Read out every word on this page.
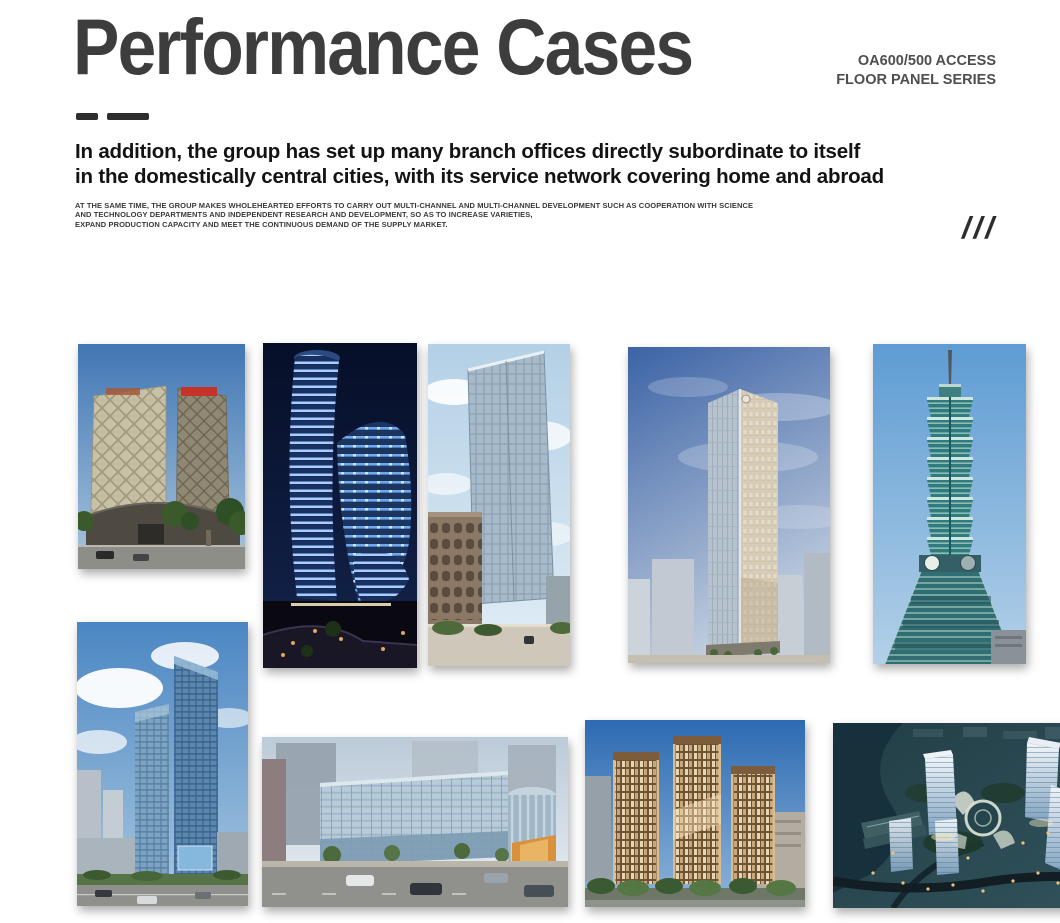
Performance Cases	OA600/500 ACCESS
FLOOR PANEL SERIES
In addition, the group has set up many branch offices directly subordinate to itself
in the domestically central cities, with its service network covering home and abroad
AT THE SAME TIME, THE GROUP MAKES WHOLEHEARTED EFFORTS TO CARRY OUT MULTI-CHANNEL AND MULTI-CHANNEL DEVELOPMENT SUCH AS COOPERATION WITH SCIENCE
AND TECHNOLOGY DEPARTMENTS AND INDEPENDENT RESEARCH AND DEVELOPMENT, SO AS TO INCREASE VARIETIES,
EXPAND PRODUCTION CAPACITY AND MEET THE CONTINUOUS DEMAND OF THE SUPPLY MARKET.	///
